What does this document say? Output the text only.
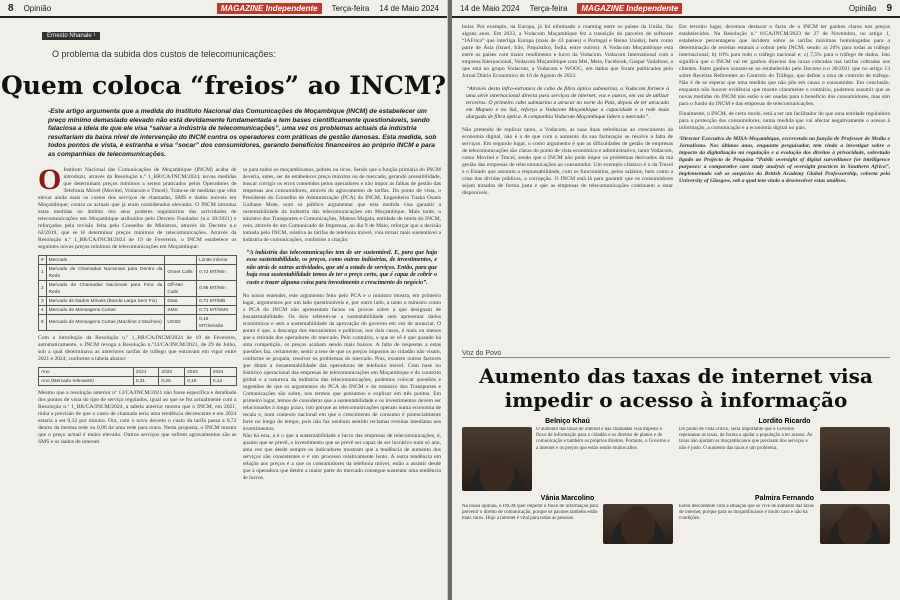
8 Opinião	MAGAZINE Independente	Terça-feira 14 de Maio 2024
Ernesto Nhanale ¹
O problema da subida dos custos de telecomunicações:
Quem coloca “freios” ao INCM?
-Este artigo argumenta que a medida do Instituto Nacional das Comunicações de Moçambique (INCM) de estabelecer um preço mínimo demasiado elevado não está devidamente fundamentada e tem bases cientificamente questionáveis, sendo falaciosa a ideia de que ele visa “salvar a indústria de telecomunicações”, uma vez os problemas actuais da indústria resultariam da baixa nível de intervenção do INCM contra os operadores com práticas de gestão danosas. Esta medida, sob todos pontos de vista, é estranha e visa “socar” dos consumidores, gerando benefícios financeiros ao próprio INCM e para as companhias de telecomunicações.
O Instituto Nacional das Comunicações de Moçambique (INCM) acaba de introduzir, através da Resolução n.º 1_BR/CA/INCM/2024, novas medidas que determinam preços mínimos a serem praticados pelos Operadores de Telefonia Móvel (Movitel, Vodacom e Tmcel). Trata-se de medidas que vêm elevar ainda mais os custos dos serviços de chamadas, SMS e dados móveis em Moçambique, contra os actuais que já eram considerados elevados. O INCM introduz estas medidas no âmbito dos seus poderes regulatórios das actividades de telecomunicações em Moçambique atribuídos pelo Decreto Fundador (n.o 30/2021) e reforçados pela revisão feita pelo Conselho de Ministros, através do Decreto n.o 62/2019, que se lê determinar preços mínimos de telecomunicações. Através da Resolução n.º 1_BR/CA/INCM/2024 de 19 de Fevereiro, o INCM estabelece os seguintes novos preços mínimos de telecomunicações em Moçambique:
#	Mercado		Limite inferior
1	Mercado de Chamadas Nacionais para Dentro da Rede	Onnet Calls	0,72 MT/Min
2	Mercado de Chamadas Nacionais para Fora da Rede	Off-Net Calls	0,96 MT/Min
3	Mercado de Dados Móveis (Banda Larga Sem Fio)	Data	0,71 MT/MB
4	Mercado de Mensagens Curtas	SMS	0,71 MT/SMS
5	Mercado de Mensagens Curtas (Machine 2 Machine)	USSD	0,15 MT/Sessão
Com a introdução da Resolução n.º 1_BR/CA/INCM/2024 de 19 de Fevereiro, automaticamente, o INCM revoga a Resolução n.º13/CA/INCM/2021, de 29 de Julho, sob a qual determinava as anteriores tarifas de tráfego que entravam em vigor entre 2021 e 2024, conforme a tabela abaixo:
Ano	2021	2022	2023	2024
Ano (Mercado relevante)	0,31	0,25	0,18	0,12
Mesmo que a resolução anterior nº 13/CA/INCM/2021 não fosse específica e detalhado dos pontos de vista do tipo de serviço regulados, igual ao que se fez actualmente com a Resolução n.º 1_BR/CA/INCM/2024, a tabela anterior mostra que o INCM, em 2021, tinha a previsão de que o custo de chamada teria uma tendência decrescente e em 2024 estaria a set 0,12 por minuto. Ora, com o novo decreto o custo da tarifa passa a 0,72 dentro da mesma rede ou 0,96 da uma rede para outra. Nesta proposta, o INCM mostra que o preço actual é muito elevado. Outros serviços que sofrem agravamentos são as SMS e os dados de internet.
so para todos os moçambicanos, pobres ou ricos. Sendo que a função primária do INCM deveria, antes, ser de estabelecer preço máximo ou de mercado, gerando acessibilidade, buscar corrigir os erros cometidos pelos operadores e não impor as falhas de gestão das empresas aos consumidores, através do agravamento de tarifas. Do ponto de vista, o Presidente do Conselho de Administração (PCA) do INCM, Engenheiro Tuaha Osatis Gulhane Mote, num só público argumentar que esta medida visa garantir a sustentabilidade da indústria das telecomunicações em Moçambique. Mais tarde, o ministro dos Transportes e Comunicações, Mateus Magala, entidade de tutela do INCM, veio, através de um Comunicado de Imprensa, ao dia 9 de Maio, reforçar que a decisão tomada pelo INCM, relativa às tarifas de telefonia móvel, visa tornar mais sustentável a indústria de comunicações, conforme a citação:
“A indústria das telecomunicações tem de ser sustentável. E, para que haja essa sustentabilidade, os preços, como outras indústrias, de investimentos, e não atrás de outras actividades, que até a estado de serviços. Então, para que haja essa sustentabilidade temos de ter o preço certo, que é capaz de cobrir o custo e trazer alguma coisa para investimento e crescimento do negócio”.
No nosso entender, este argumento feito pelo PCA e o ministro mostra, em primeiro lugar, argumentos por um lado questionáveis e, por outro lado, a tanto o ministro como o PCA do INCM não apresentam factos ou provas sobre a que designam de insustentabilidade. Os dois referem-se a sustentabilidade sem apresentar dados económicos e sem a sustentabilidade da aprovação do governo em vez de anunciar. O ponto é que, a descarga dos mecanismos e políticas, nos dois casos, é mais ou menos que a retirada dos operadores do mercado. Pelo contrário, o que se vê é que quando há uma competição, os preços acabam sendo mais baixos. A falta de respostas a estas questões faz, certamente, sentir a tese de que os preços impostos ao cidadão não visam, conforme se propala, resolver os problemas do mercado. Pois, existem outros factores que ditam a insustentabilidade das operadoras de telefonia móvel. Com base no histórico operacional das empresas de telecomunicações em Moçambique e do contexto global e a natureza da indústria das telecomunicações, podemos colocar questões e sugestões de que os argumentos do PCA do INCM e do ministro dos Transportes e Comunicações são sobre, nos termos que pensamos e explicar em três pontos. Em primeiro lugar, temos de considerar que a sustentabilidade e os investimentos devem ser relacionados à longo prazo, isto porque as telecomunicações operam numa economia de escala e, num contexto nacional em que o crescimento de consumo é potencialmente forte no longo do tempo, pois não faz nenhum sentido reclamar receitas imediatas aos investimentos.
Não há esta, a é o que a sustentabilidade e lucro das empresas de telecomunicações, é, quanto que se prevê, o investimento que se prevê ser capaz de ser lucrativo num só ano, uma vez que desde sempre os indicadores mostram que a tendência de aumento dos serviços são consistentes e é um processo relativamente lento. A outra tendência em relação aos preços é a que os consumidores da telefonia móvel, estão a assistir desde que a operadora que detém a maior parte do mercado consegue sustentar uma tendência de lucros.
14 de Maio 2024 Terça-feira	MAGAZINE Independente	Opinião 9
bular. Por exemplo, na Europa, já foi eliminado o roaming entre os países da União, faz alguns anos. Em 2023, a Vodacom Moçambique fez a transição do parceiro de software “IAFrica” que interliga Europa (mais de 43 países) e Portugal e Reino Unido), bem como parte de Ásia (Israel, Irão, Paquistão), Índia, entre outros). A Vodacom Moçambique está entre os países com maior rendimento e lucro da Vodacom. Vodacom International com a empresa Internacional, Vodacom Moçambique com Mel, Meta, Facebook, Gaspar Vodafone, a que está no grupo Vodacom, a Vodacom e WOOC, em dados que foram publicados pelo Jornal Diário Económico de 16 de Agosto de 2023.
“Através desta infra-estrutura de cabo de fibra óptica submarina, a Vodacom fornece à uma série internacional directa para serviços de internet, voz e outros, em vez de utilizar terceiros. O primeiro cabo submarino a atracar no norte do País, depois de ter atracado em Maputo e no Sul, reforça a Vodacom Moçambique a capacidade e a rede mais alargada de fibra óptica. A companhia Vodacom Moçambique lidera o mercado”.
Não pretendo de replicar tanto, a Vodacom, as suas duas referências ao crescimento da economia digital, não é a de que com o aumento da sua facturação se resolve a falta de serviços. Em segundo lugar, o como argumento é que as dificuldades de gestão de empresas de telecomunicações são claras do ponto de vista económico e administrativo, tanto Vodacom, como Movitel e Tmcel, sendo que o INCM não pode impor os problemas derivados da má gestão das empresas de telecomunicações ao consumidor. Um exemplo clássico é o da Tmcel e o Estado que assumiu a responsabilidade, com os funcionários, pelos salários, bem como a crise das dívidas públicas, a corrupção. O INCM está lá para garantir que os consumidores sejam tratados de forma justa e que as empresas de telecomunicações continuem a estar disponíveis.
Em terceiro lugar, devemos destacar o facto de o INCM ter ganhos claros nos preços estabelecidos. Na Resolução n.º 6/CA/INCM/2023 de 27 de Novembro, no artigo 1, estabelece percentagens que incidem sobre as tarifas máximas homologadas para a determinação de receitas estatais a cobrar pelo INCM, sendo: a) 20% para todas as tráfego internacional; b) 10% para todo o tráfego nacional e; c) 7,5% para o tráfego de dados. Isto significa que o INCM vai ter ganhos directos das taxas cobradas nas tarifas cobradas aos clientes. Estes ganhos somam-se ao estabelecido pelo Decreto n.o 30/2021 que no artigo 13 sobre Receitas Referentes ao Controlo do Tráfego, que define a taxa de controlo de tráfego. Não é de se esperar que uma medida que não põe em causa o consumidor. Em conclusão, enquanto não houver evidência que mostre claramente o contrário, podemos assumir que as novas medidas do INCM não estão a ser usadas para o benefício dos consumidores, mas sim para o fundo do INCM e das empresas de telecomunicações.
Finalmente, o INCM, de certo modo, está a ser um facilitador do que uma entidade reguladora para a protecção dos consumidores, numa medida que vai afectar negativamente o acesso à informação, a comunicação e a economia digital no país.
¹Director Executivo do MISA-Moçambique, escrevendo na função de Professor de Media e Jornalismo. Nos últimos anos, enquanto pesquisador, tem vindo a investigar sobre o impacto da digitalização na regulação e a evolução dos direitos à privacidade, sobretudo ligado ao Projecto de Pesquisa “Public oversight of digital surveillance for intelligence purposes: a comparative case study analysis of oversight practices in Southern Africa”, implementado sob os auspícios do British Academy Global Professorship, coberta pela University of Glasgow, sob a qual tem vindo a desenvolver estas análises.
Voz do Povo
Aumento das taxas de internet visa impedir o acesso à informação
Belniço Khaú
O aumento das taxas de internet e das chamadas visa impedir o fluxo de informação para o cidadão e os direitos de planos e de comunicação e também os próprios direitos. Portanto, o Governo e a internet e os preços que estão sendo muitos altos.
Lordito Ricardo
Do ponto de vista crítico, seria importante que o Governo repensasse as taxas, de forma a ajudar a população a ter acesso. As taxas não ajudam os moçambicanos que precisam dos serviços e não é justo. O aumento das taxas é um problema.
Vânia Marcolino
Na nossa opinião, o INCM quer impedir o fluxo de informação para prevenir o direito de comunicação, porque os pacotes também estão mais caros. Hoje a internet é vital para todas as pessoas.
Palmira Fernando
Estou descontente com a situação que se vive de aumento das taxas de internet, porque para os moçambicanos é muito caro e não há condições.
